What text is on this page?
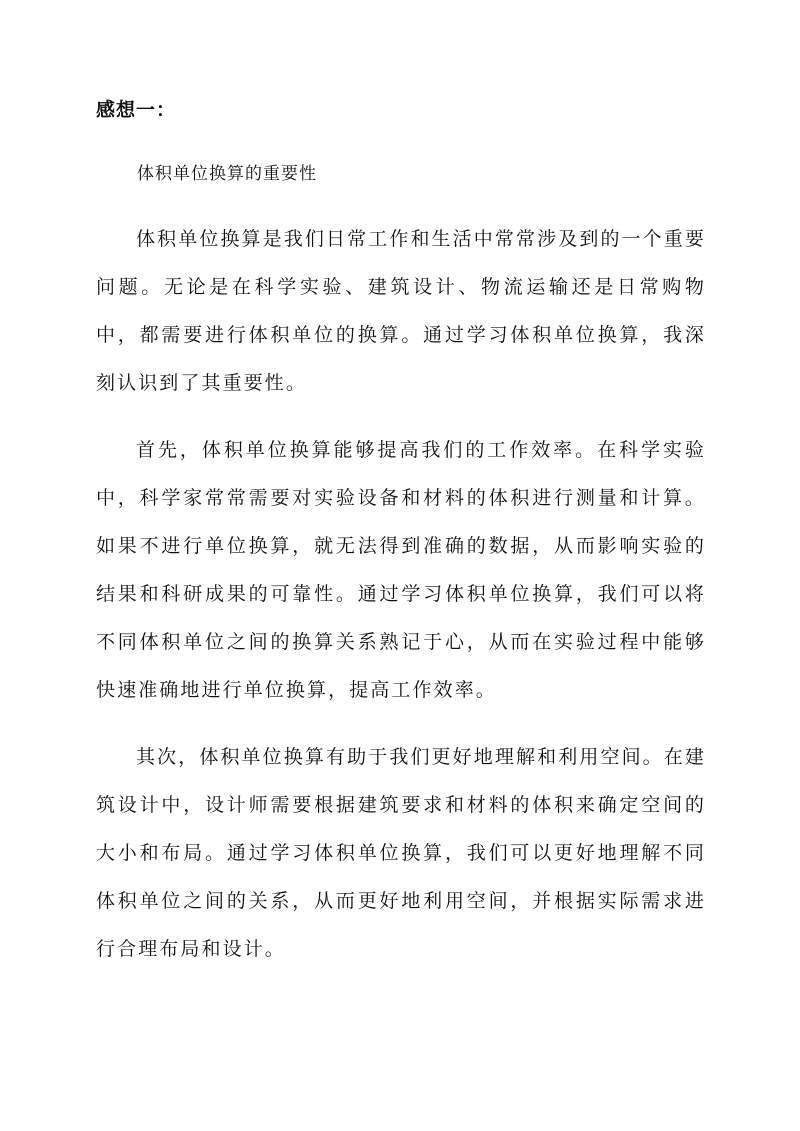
感想一：
体积单位换算的重要性

体积单位换算是我们日常工作和生活中常常涉及到的一个重要问题。无论是在科学实验、建筑设计、物流运输还是日常购物中，都需要进行体积单位的换算。通过学习体积单位换算，我深刻认识到了其重要性。

首先，体积单位换算能够提高我们的工作效率。在科学实验中，科学家常常需要对实验设备和材料的体积进行测量和计算。如果不进行单位换算，就无法得到准确的数据，从而影响实验的结果和科研成果的可靠性。通过学习体积单位换算，我们可以将不同体积单位之间的换算关系熟记于心，从而在实验过程中能够快速准确地进行单位换算，提高工作效率。

其次，体积单位换算有助于我们更好地理解和利用空间。在建筑设计中，设计师需要根据建筑要求和材料的体积来确定空间的大小和布局。通过学习体积单位换算，我们可以更好地理解不同体积单位之间的关系，从而更好地利用空间，并根据实际需求进行合理布局和设计。
